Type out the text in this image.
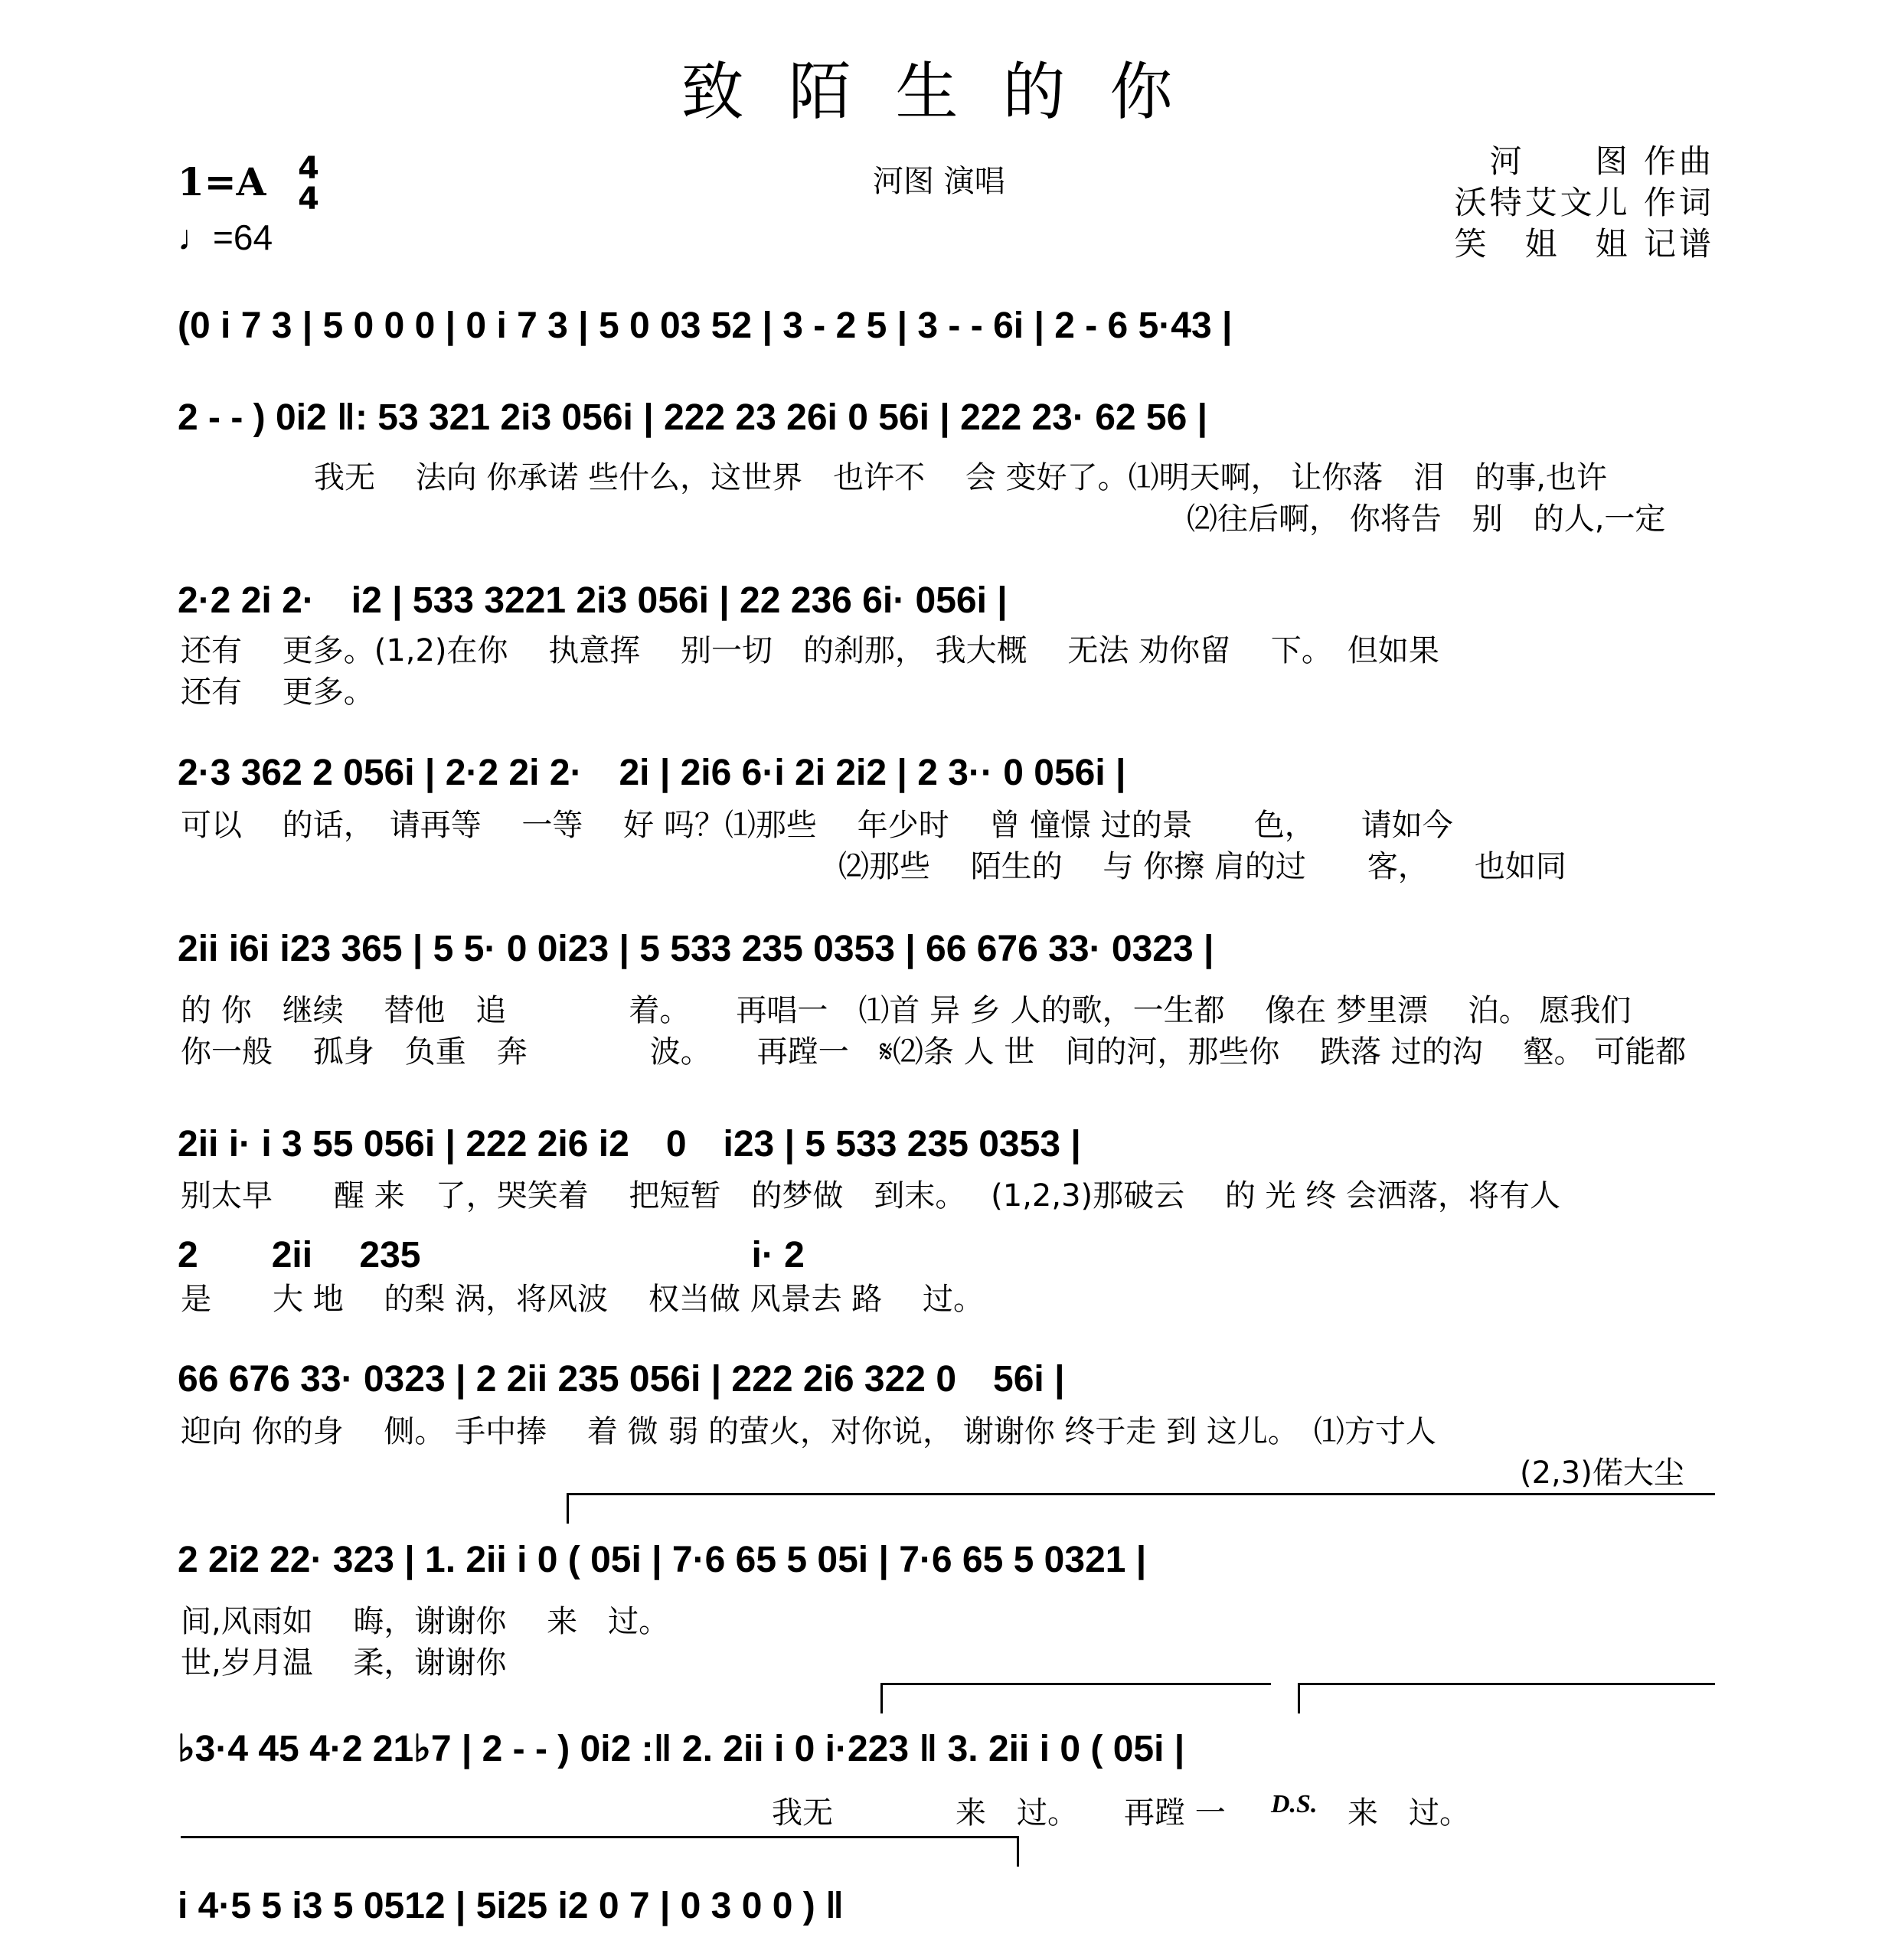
致陌生的你
1=A 4
4
♩=64
河图 演唱
河　　图 作曲
沃特艾文儿 作词
笑　姐　姐 记谱
(0 i 7 3 | 5 0 0 0 | 0 i 7 3 | 5 0 03 52 | 3 - 2 5 | 3 - - 6i | 2 - 6 5·43 |
2 - - ) 0i2 ‖: 53 321 2i3 056i | 222 23 26i 0 56i | 222 23· 62 56 |
我无　 法向 你承诺 些什么，这世界　也许不　 会 变好了。⑴明天啊， 让你落　泪　的事,也许
⑵往后啊， 你将告　别　的人,一定
2·2 2i 2·　i2 | 533 3221 2i3 056i | 22 236 6i· 056i |
还有　 更多。(1,2)在你　 执意挥　 别一切　的刹那， 我大概　 无法 劝你留　 下。　但如果
还有　 更多。
2·3 362 2 056i | 2·2 2i 2·　2i | 2i6 6·i 2i 2i2 | 2 3·· 0 056i |
可以　 的话，　请再等　 一等　 好 吗？⑴那些　 年少时　 曾 憧憬 过的景　　色，　　请如今
⑵那些　 陌生的　 与 你擦 肩的过　　客，　　也如同
2ii i6i i23 365 | 5 5· 0 0i23 | 5 533 235 0353 | 66 676 33· 0323 |
的 你　继续　 替他　追　　　　着。　　再唱一　⑴首 异 乡 人的歌，一生都　 像在 梦里漂　 泊。 愿我们
你一般　 孤身　负重　奔　　　　波。　　再蹚一　𝄋⑵条 人 世　间的河，那些你　 跌落 过的沟　 壑。 可能都
2ii i· i 3 55 056i | 222 2i6 i2　0　i23 | 5 533 235 0353 |
别太早　　醒 来　了，哭笑着　 把短暂　的梦做　到末。　 (1,2,3)那破云　 的 光 终 会洒落，将有人
2　　2ii　 235　　　　　　　　　i· 2
是　　大 地　 的梨 涡，将风波　 权当做 风景去 路　 过。
66 676 33· 0323 | 2 2ii 235 056i | 222 2i6 322 0　56i |
迎向 你的身　 侧。 手中捧　 着 微 弱 的萤火，对你说， 谢谢你 终于走 到 这儿。　⑴方寸人
(2,3)偌大尘
2 2i2 22· 323 | 1. 2ii i 0 ( 05i | 7·6 65 5 05i | 7·6 65 5 0321 |
间,风雨如　 晦，谢谢你　 来　过。
世,岁月温　 柔，谢谢你
♭3·4 45 4·2 21♭7 | 2 - - ) 0i2 :‖ 2. 2ii i 0 i·223 ‖ 3. 2ii i 0 ( 05i |
我无　　　　来　过。　　再蹚 一 D.S. 来　过。
i 4·5 5 i3 5 0512 | 5i25 i2 0 7 | 0 3 0 0 ) ‖
